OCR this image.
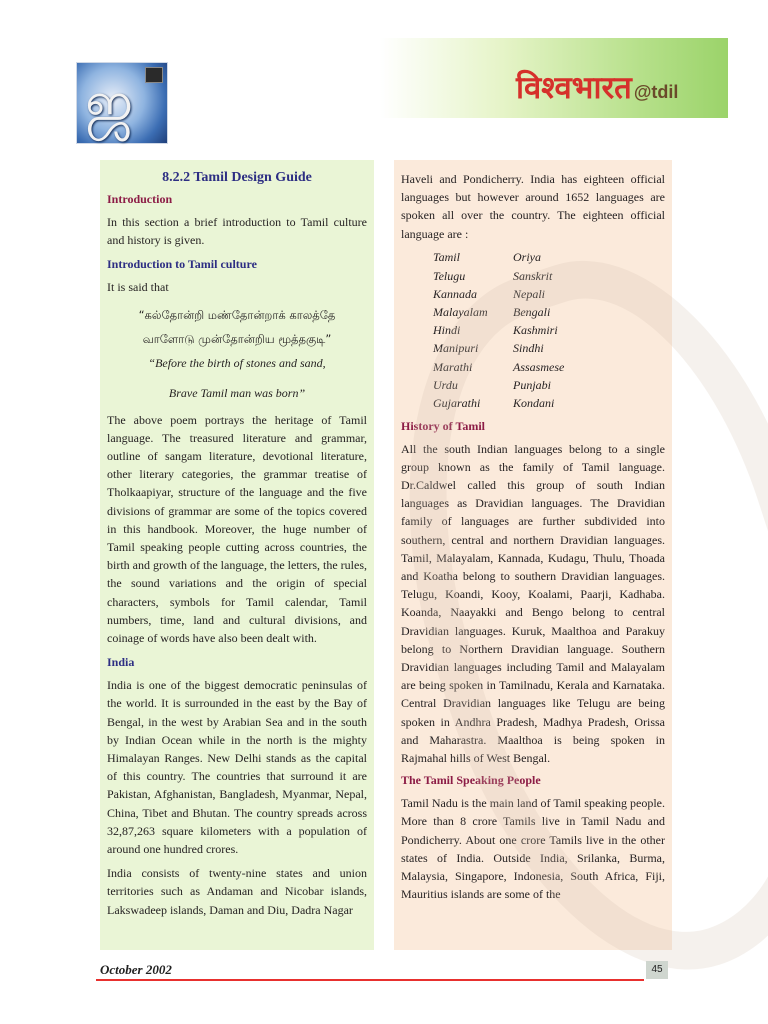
ஜ	विश्वभारत @tdil
8.2.2 Tamil Design Guide
Introduction

In this section a brief introduction to Tamil culture and history is given.

Introduction to Tamil culture

It is said that

“கல்தோன்றி மண்தோன்றாக் காலத்தே
வாளோடு முன்தோன்றிய மூத்தகுடி”
“Before the birth of stones and sand,
Brave Tamil man was born”

The above poem portrays the heritage of Tamil language. The treasured literature and grammar, outline of sangam literature, devotional literature, other literary categories, the grammar treatise of Tholkaapiyar, structure of the language and the five divisions of grammar are some of the topics covered in this handbook. Moreover, the huge number of Tamil speaking people cutting across countries, the birth and growth of the language, the letters, the rules, the sound variations and the origin of special characters, symbols for Tamil calendar, Tamil numbers, time, land and cultural divisions, and coinage of words have also been dealt with.

India

India is one of the biggest democratic peninsulas of the world. It is surrounded in the east by the Bay of Bengal, in the west by Arabian Sea and in the south by Indian Ocean while in the north is the mighty Himalayan Ranges. New Delhi stands as the capital of this country. The countries that surround it are Pakistan, Afghanistan, Bangladesh, Myanmar, Nepal, China, Tibet and Bhutan. The country spreads across 32,87,263 square kilometers with a population of around one hundred crores.

India consists of twenty-nine states and union territories such as Andaman and Nicobar islands, Lakswadeep islands, Daman and Diu, Dadra Nagar

Haveli and Pondicherry. India has eighteen official languages but however around 1652 languages are spoken all over the country. The eighteen official language are :

Tamil	Oriya
Telugu	Sanskrit
Kannada	Nepali
Malayalam	Bengali
Hindi	Kashmiri
Manipuri	Sindhi
Marathi	Assasmese
Urdu	Punjabi
Gujarathi	Kondani
History of Tamil

All the south Indian languages belong to a single group known as the family of Tamil language. Dr.Caldwel called this group of south Indian languages as Dravidian languages. The Dravidian family of languages are further subdivided into southern, central and northern Dravidian languages. Tamil, Malayalam, Kannada, Kudagu, Thulu, Thoada and Koatha belong to southern Dravidian languages. Telugu, Koandi, Kooy, Koalami, Paarji, Kadhaba. Koanda, Naayakki and Bengo belong to central Dravidian languages. Kuruk, Maalthoa and Parakuy belong to Northern Dravidian language. Southern Dravidian languages including Tamil and Malayalam are being spoken in Tamilnadu, Kerala and Karnataka. Central Dravidian languages like Telugu are being spoken in Andhra Pradesh, Madhya Pradesh, Orissa and Maharastra. Maalthoa is being spoken in Rajmahal hills of West Bengal.

The Tamil Speaking People

Tamil Nadu is the main land of Tamil speaking people. More than 8 crore Tamils live in Tamil Nadu and Pondicherry. About one crore Tamils live in the other states of India. Outside India, Srilanka, Burma, Malaysia, Singapore, Indonesia, South Africa, Fiji, Mauritius islands are some of the

October 2002	45
